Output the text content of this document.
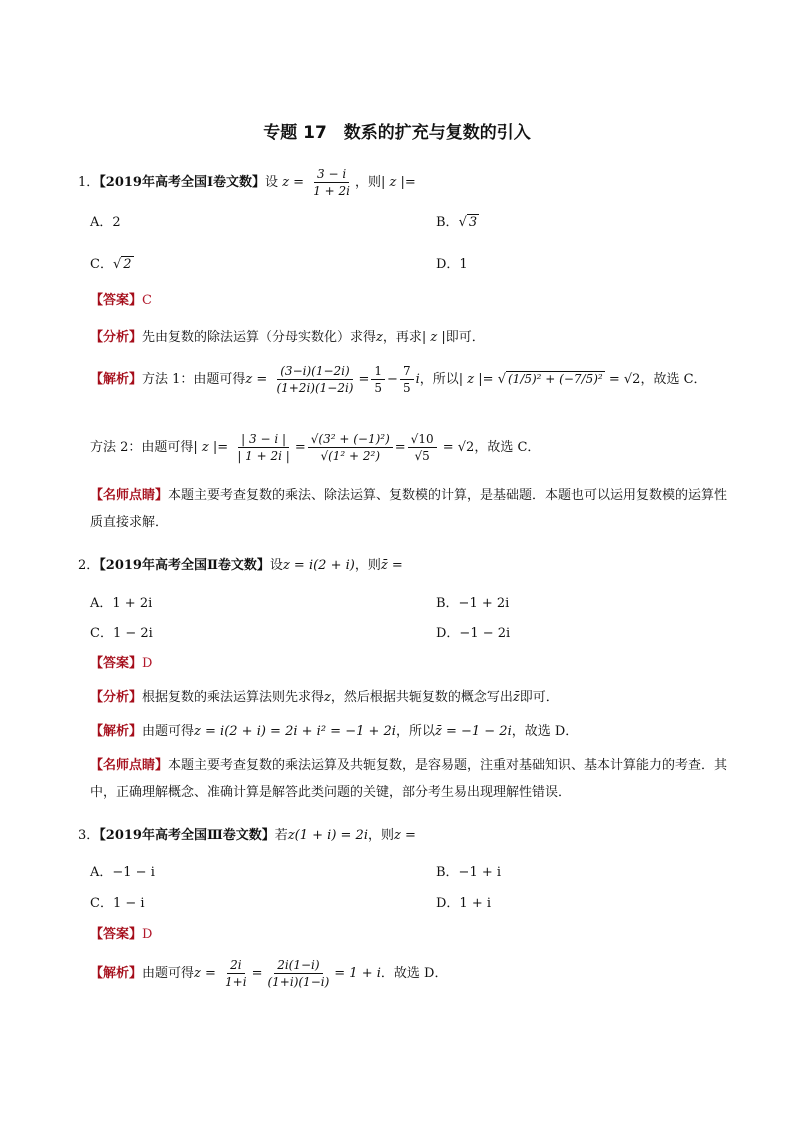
专题 17　数系的扩充与复数的引入
1．【2019年高考全国Ⅰ卷文数】设 $z = \frac{3 - i}{1 + 2i}$ ，则| z |=
A．2	B．√ 3
C．√ 2	D．1
【答案】C
【分析】先由复数的除法运算（分母实数化）求得z，再求| z |即可．
【解析】方法 1：由题可得$z = \frac{(3-i)(1-2i)}{(1+2i)(1-2i)} = \frac{1}{5} - \frac{7}{5}$ i，所以| z |= √ (1/5)² + (−7/5)² = √2，故选 C．
方法 2：由题可得| z |= $\frac{| 3 - i |}{| 1 + 2i |} = \frac{\text{√(3² + (−1)²)}}{\text{√(1² + 2²)}} = \frac{√10}{√5} = √2$，故选 C．
【名师点睛】本题主要考查复数的乘法、除法运算、复数模的计算，是基础题．本题也可以运用复数模的运算性质直接求解．
2．【2019年高考全国Ⅱ卷文数】设z = i(2 + i)，则z̄ =
A．1 + 2i	B．−1 + 2i
C．1 − 2i	D．−1 − 2i
【答案】D
【分析】根据复数的乘法运算法则先求得z，然后根据共轭复数的概念写出z̄即可．
【解析】由题可得z = i(2 + i) = 2i + i² = −1 + 2i，所以z̄ = −1 − 2i，故选 D．
【名师点睛】本题主要考查复数的乘法运算及共轭复数，是容易题，注重对基础知识、基本计算能力的考查．其中，正确理解概念、准确计算是解答此类问题的关键，部分考生易出现理解性错误．
3．【2019年高考全国Ⅲ卷文数】若z(1 + i) = 2i，则z =
A．−1 − i	B．−1 + i
C．1 − i	D．1 + i
【答案】D
【解析】由题可得$z = \frac{2i}{1+i} = \frac{2i(1-i)}{(1+i)(1-i)} = 1 + i$．故选 D．
